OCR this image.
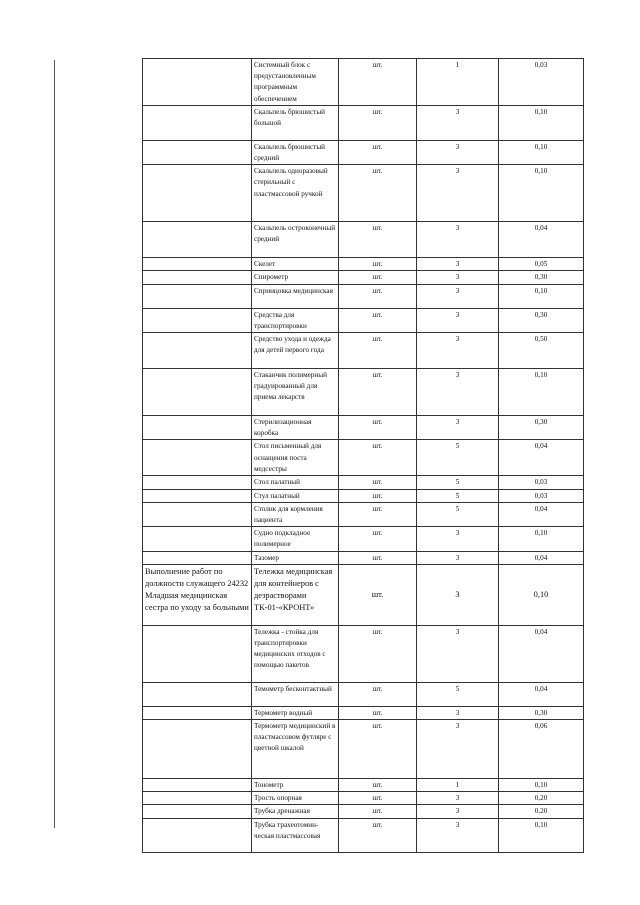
	Системный блок с предустановленным программным обеспечением	шт.	1	0,03
	Скальпель брюшистый большой	шт.	3	0,10
	Скальпель брюшистый средний	шт.	3	0,10
	Скальпель одноразовый стерильный с пластмассовой ручкой	шт.	3	0,10
	Скальпель остроконечный средний	шт.	3	0,04
	Скелет	шт.	3	0,05
	Спирометр	шт.	3	0,30
	Спринцовка медицинская	шт.	3	0,10
	Средства для транспортировки	шт.	3	0,30
	Средство ухода и одежда для детей первого года	шт.	3	0,50
	Стаканчик полимерный градуированный для приема лекарств	шт.	3	0,10
	Стерилизационная коробка	шт.	3	0,30
	Стол письменный для оснащения поста медсестры	шт.	5	0,04
	Стол палатный	шт.	5	0,03
	Стул палатный	шт.	5	0,03
	Столик для кормления пациента	шт.	5	0,04
	Судно подкладное полимерное	шт.	3	0,10
	Тазомер	шт.	3	0,04
Выполнение работ по должности служащего 24232 Младшая медицинская сестра по уходу за больными	Тележка медицинская для контейнеров с дезрастворами ТК-01-«КРОНТ»	шт.	3	0,10
	Тележка - стойка для транспортировки медицинских отходов с помощью пакетов	шт.	3	0,04
	Темометр бесконтактный	шт.	5	0,04
	Термометр водный	шт.	3	0,30
	Термометр медицинский в пластмассовом футляре с цветной шкалой	шт.	3	0,06
	Тонометр	шт.	1	0,10
	Трость опорная	шт.	3	0,20
	Трубка дренажная	шт.	3	0,20
	Трубка трахеотомин-ческая пластмассовая	шт.	3	0,10
